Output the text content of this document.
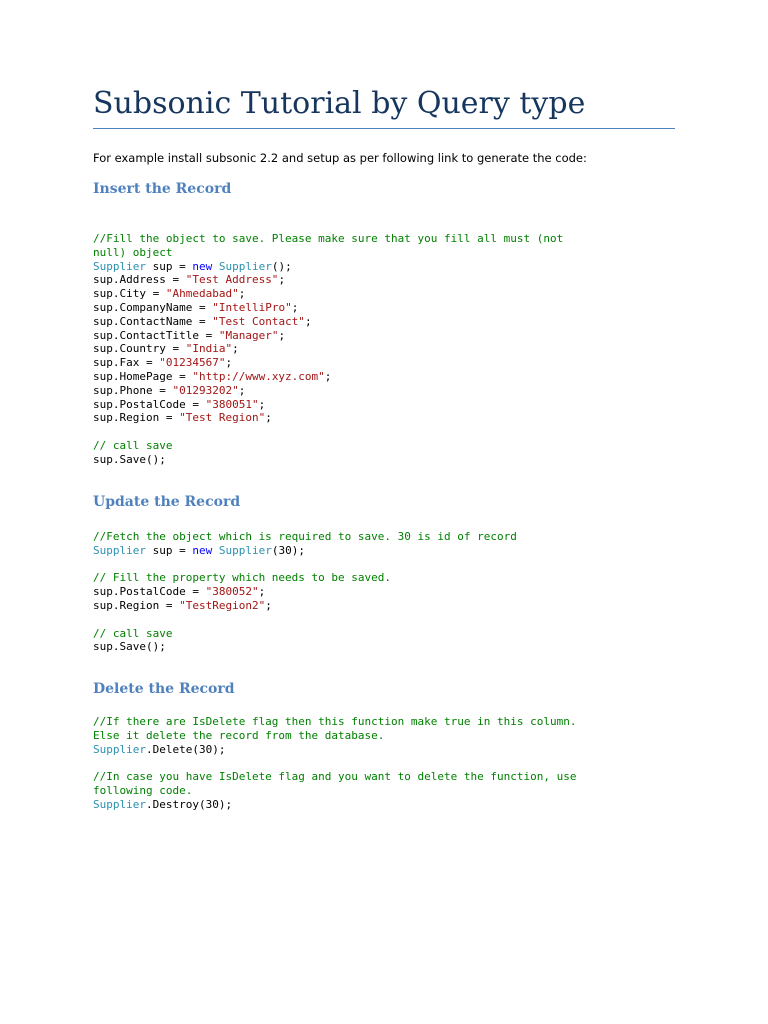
Subsonic Tutorial by Query type

For example install subsonic 2.2 and setup as per following link to generate the code:

Insert the Record
//Fill the object to save. Please make sure that you fill all must (not
null) object
Supplier sup = new Supplier();
sup.Address = "Test Address";
sup.City = "Ahmedabad";
sup.CompanyName = "IntelliPro";
sup.ContactName = "Test Contact";
sup.ContactTitle = "Manager";
sup.Country = "India";
sup.Fax = "01234567";
sup.HomePage = "http://www.xyz.com";
sup.Phone = "01293202";
sup.PostalCode = "380051";
sup.Region = "Test Region";
// call save
sup.Save();
Update the Record
//Fetch the object which is required to save. 30 is id of record
Supplier sup = new Supplier(30);
// Fill the property which needs to be saved.
sup.PostalCode = "380052";
sup.Region = "TestRegion2";
// call save
sup.Save();
Delete the Record
//If there are IsDelete flag then this function make true in this column.
Else it delete the record from the database.
Supplier.Delete(30);
//In case you have IsDelete flag and you want to delete the function, use
following code.
Supplier.Destroy(30);
